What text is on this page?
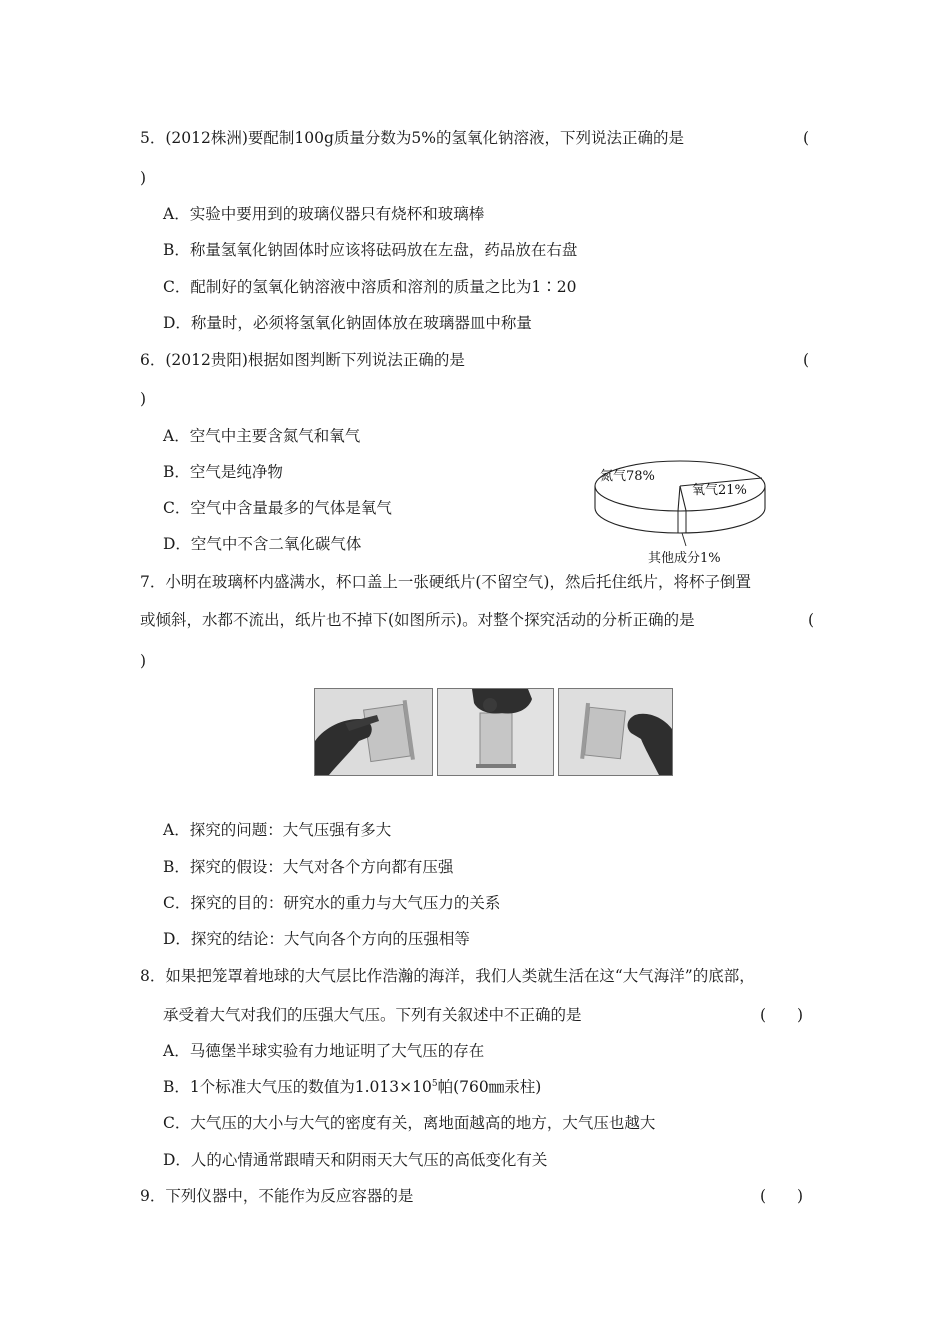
5．(2012株洲)要配制100g质量分数为5%的氢氧化钠溶液，下列说法正确的是	(
)
A．实验中要用到的玻璃仪器只有烧杯和玻璃棒
B．称量氢氧化钠固体时应该将砝码放在左盘，药品放在右盘
C．配制好的氢氧化钠溶液中溶质和溶剂的质量之比为1∶20
D．称量时，必须将氢氧化钠固体放在玻璃器皿中称量
6．(2012贵阳)根据如图判断下列说法正确的是	(
)
A．空气中主要含氮气和氧气
B．空气是纯净物
C．空气中含量最多的气体是氧气
D．空气中不含二氧化碳气体
氮气78%
氧气21%
其他成分1%
7．小明在玻璃杯内盛满水，杯口盖上一张硬纸片(不留空气)，然后托住纸片，将杯子倒置
或倾斜，水都不流出，纸片也不掉下(如图所示)。对整个探究活动的分析正确的是	(
)
A．探究的问题：大气压强有多大
B．探究的假设：大气对各个方向都有压强
C．探究的目的：研究水的重力与大气压力的关系
D．探究的结论：大气向各个方向的压强相等
8．如果把笼罩着地球的大气层比作浩瀚的海洋，我们人类就生活在这“大气海洋”的底部，
承受着大气对我们的压强大气压。下列有关叙述中不正确的是	(　　)
A．马德堡半球实验有力地证明了大气压的存在
B．1个标准大气压的数值为$1.013\times 10^5$帕(760㎜汞柱)
C．大气压的大小与大气的密度有关，离地面越高的地方，大气压也越大
D．人的心情通常跟晴天和阴雨天大气压的高低变化有关
9．下列仪器中，不能作为反应容器的是	(　　)
